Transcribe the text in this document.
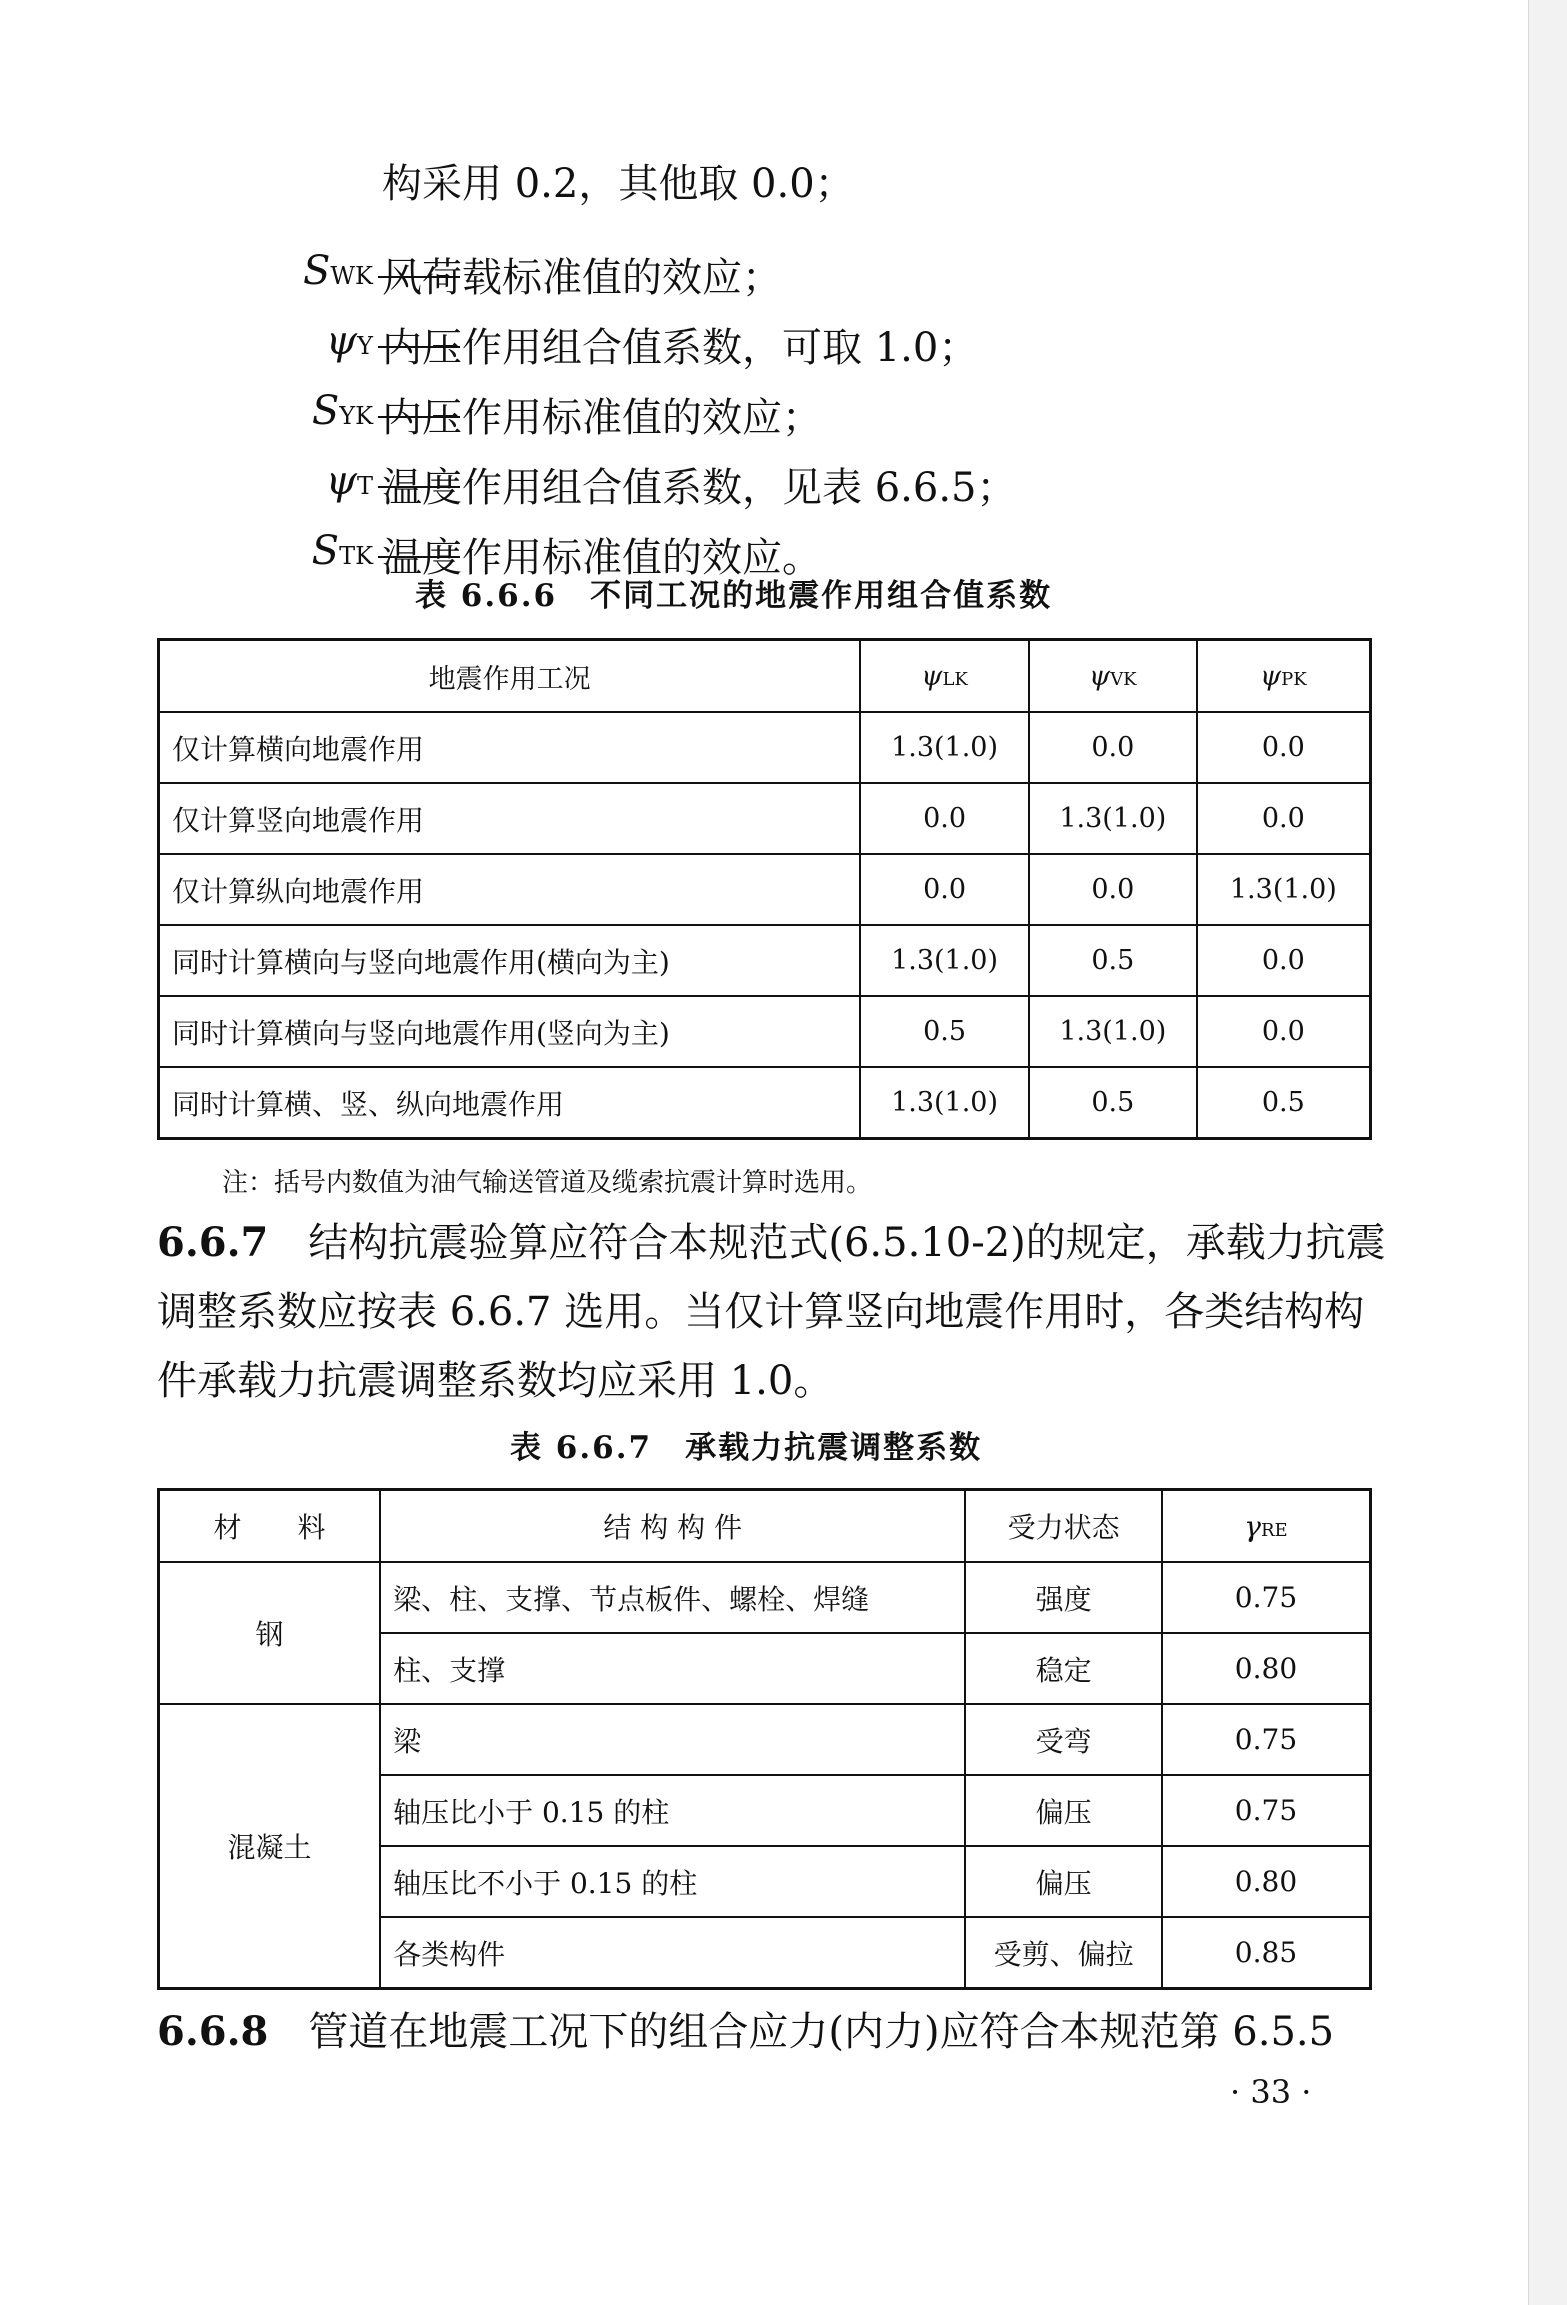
构采用 0.2，其他取 0.0；
SWK 风荷载标准值的效应；
ψY 内压作用组合值系数，可取 1.0；
SYK 内压作用标准值的效应；
ψT 温度作用组合值系数，见表 6.6.5；
STK 温度作用标准值的效应。
表 6.6.6　不同工况的地震作用组合值系数
地震作用工况	ψLK	ψVK	ψPK
仅计算横向地震作用	1.3(1.0)	0.0	0.0
仅计算竖向地震作用	0.0	1.3(1.0)	0.0
仅计算纵向地震作用	0.0	0.0	1.3(1.0)
同时计算横向与竖向地震作用(横向为主)	1.3(1.0)	0.5	0.0
同时计算横向与竖向地震作用(竖向为主)	0.5	1.3(1.0)	0.0
同时计算横、竖、纵向地震作用	1.3(1.0)	0.5	0.5
注：括号内数值为油气输送管道及缆索抗震计算时选用。
6.6.7　 结构抗震验算应符合本规范式(6.5.10-2)的规定，承载力抗震调整系数应按表 6.6.7 选用。当仅计算竖向地震作用时，各类结构构件承载力抗震调整系数均应采用 1.0。
表 6.6.7　承载力抗震调整系数
材　　料	结 构 构 件	受力状态	γRE
钢	梁、柱、支撑、节点板件、螺栓、焊缝	强度	0.75
	柱、支撑	稳定	0.80
混凝土	梁	受弯	0.75
	轴压比小于 0.15 的柱	偏压	0.75
	轴压比不小于 0.15 的柱	偏压	0.80
	各类构件	受剪、偏拉	0.85
6.6.8　 管道在地震工况下的组合应力(内力)应符合本规范第 6.5.5
· 33 ·
